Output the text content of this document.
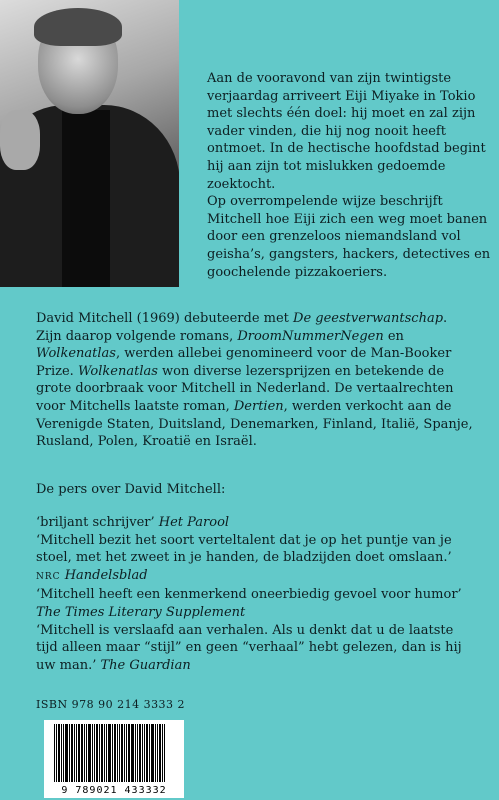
Aan de vooravond van zijn twintigste verjaardag arriveert Eiji Miyake in Tokio met slechts één doel: hij moet en zal zijn vader vinden, die hij nog nooit heeft ontmoet. In de hectische hoofdstad begint hij aan zijn tot mislukken gedoemde zoektocht.

Op overrompelende wijze beschrijft Mitchell hoe Eiji zich een weg moet banen door een grenzeloos niemandsland vol geisha’s, gangsters, hackers, detectives en goochelende pizzakoeriers.

David Mitchell (1969) debuteerde met De geestverwantschap. Zijn daarop volgende romans, DroomNummerNegen en Wolkenatlas, werden allebei genomineerd voor de Man-Booker Prize. Wolkenatlas won diverse lezersprijzen en betekende de grote doorbraak voor Mitchell in Nederland. De vertaalrechten voor Mitchells laatste roman, Dertien, werden verkocht aan de Verenigde Staten, Duitsland, Denemarken, Finland, Italië, Spanje, Rusland, Polen, Kroatië en Israël.
De pers over David Mitchell:

‘briljant schrijver’ Het Parool

‘Mitchell bezit het soort verteltalent dat je op het puntje van je stoel, met het zweet in je handen, de bladzijden doet omslaan.’
NRC Handelsblad

‘Mitchell heeft een kenmerkend oneerbiedig gevoel voor humor’
The Times Literary Supplement

‘Mitchell is verslaafd aan verhalen. Als u denkt dat u de laatste tijd alleen maar “stijl” en geen “verhaal” hebt gelezen, dan is hij uw man.’ The Guardian

ISBN 978 90 214 3333 2
9 789021 433332
